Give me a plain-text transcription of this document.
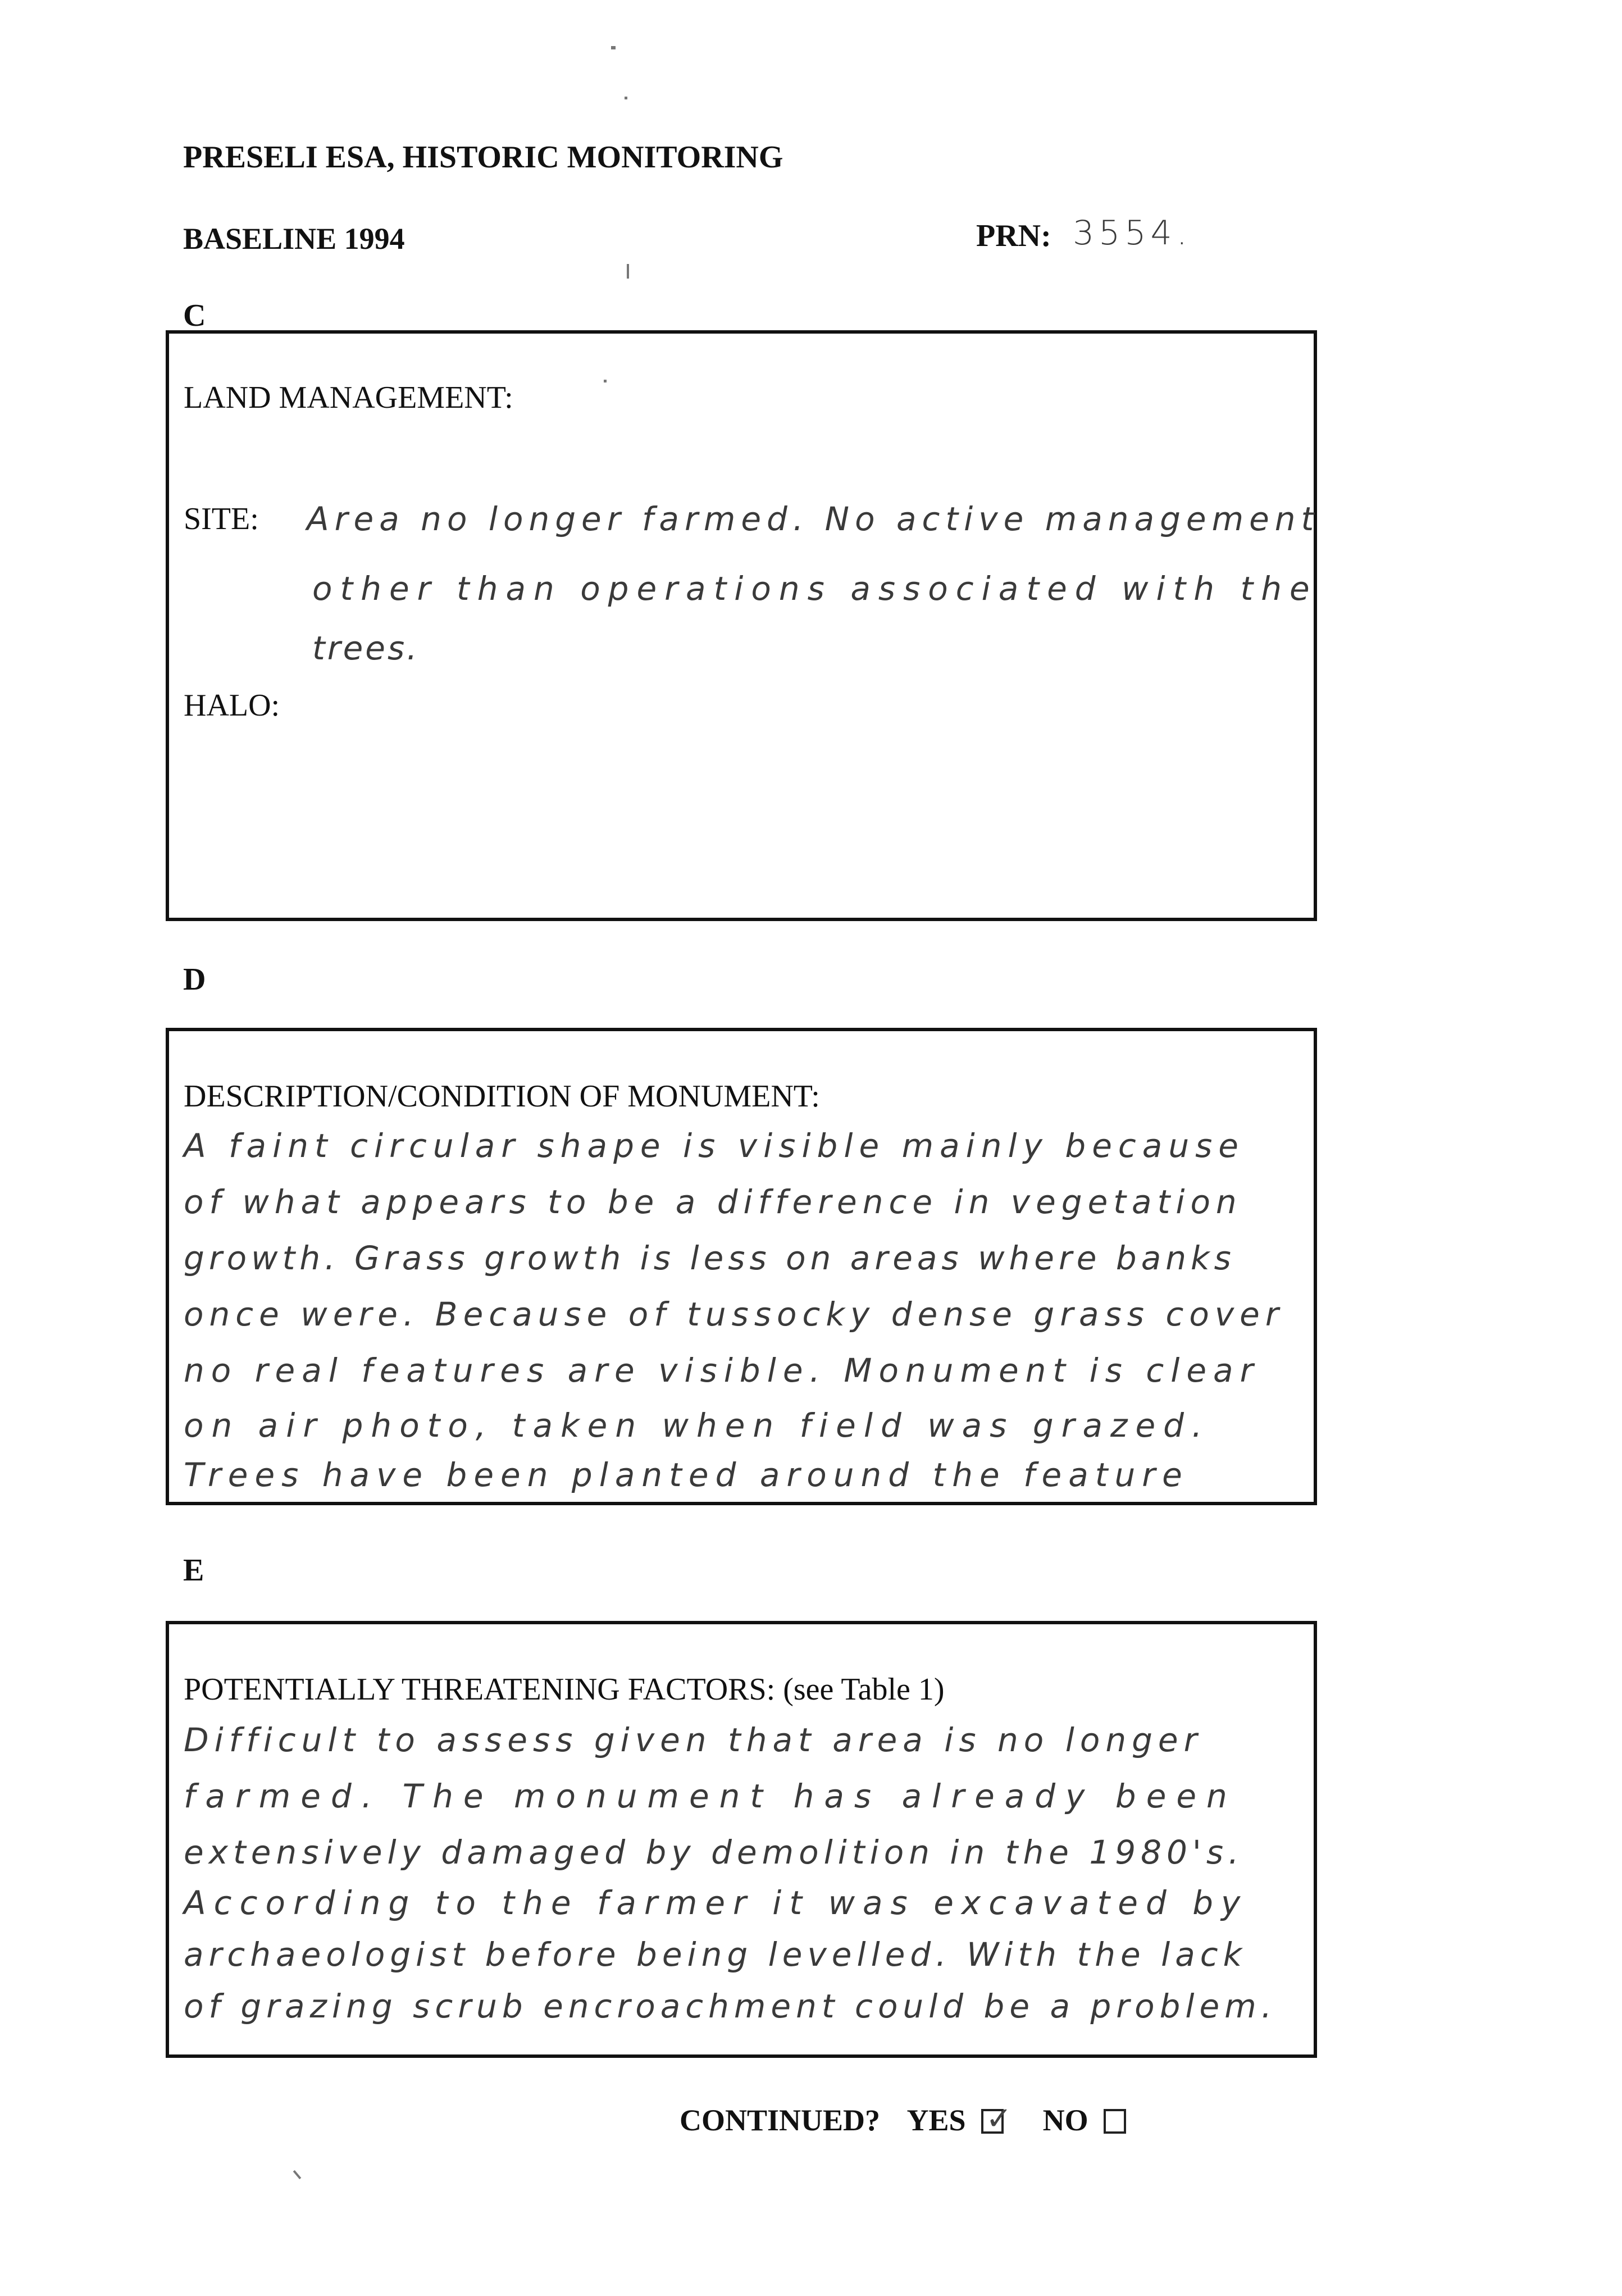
PRESELI ESA, HISTORIC MONITORING
BASELINE 1994	PRN: 3554.
C
LAND MANAGEMENT:
SITE: Area no longer farmed. No active management
other than operations associated with the
trees.
HALO:
D
DESCRIPTION/CONDITION OF MONUMENT:
A faint circular shape is visible mainly because
of what appears to be a difference in vegetation
growth. Grass growth is less on areas where banks
once were. Because of tussocky dense grass cover
no real features are visible. Monument is clear
on air photo, taken when field was grazed.
Trees have been planted around the feature
E
POTENTIALLY THREATENING FACTORS: (see Table 1)
Difficult to assess given that area is no longer
farmed. The monument has already been
extensively damaged by demolition in the 1980's.
According to the farmer it was excavated by
archaeologist before being levelled. With the lack
of grazing scrub encroachment could be a problem.
CONTINUED? YES ✓ NO
